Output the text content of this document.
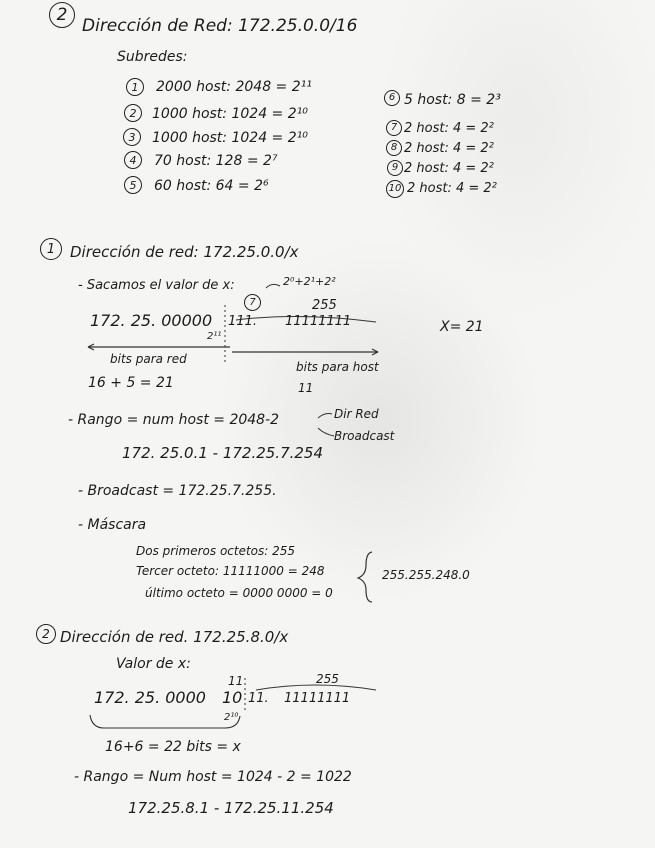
2
Dirección de Red: 172.25.0.0/16
Subredes:
1 2000 host: 2048 = 2¹¹
2 1000 host: 1024 = 2¹⁰
3 1000 host: 1024 = 2¹⁰
4 70 host: 128 = 2⁷
5 60 host: 64 = 2⁶
6 5 host: 8 = 2³
7 2 host: 4 = 2²
8 2 host: 4 = 2²
9 2 host: 4 = 2²
10 2 host: 4 = 2²
1 Dirección de red: 172.25.0.0/x
- Sacamos el valor de x:	2⁰+2¹+2²
7	255
172. 25. 00000 111. 11111111
2¹¹
X= 21
bits para red
bits para host
16 + 5 = 21	11
- Rango = num host = 2048-2	Dir Red
Broadcast
172. 25.0.1 - 172.25.7.254
- Broadcast = 172.25.7.255.
- Máscara
Dos primeros octetos: 255
Tercer octeto: 11111000 = 248
último octeto = 0000 0000 = 0
255.255.248.0
2 Dirección de red. 172.25.8.0/x
Valor de x:
11	255
172. 25. 0000 10 11. 11111111
2¹⁰
16+6 = 22 bits = x
- Rango = Num host = 1024 - 2 = 1022
172.25.8.1 - 172.25.11.254
